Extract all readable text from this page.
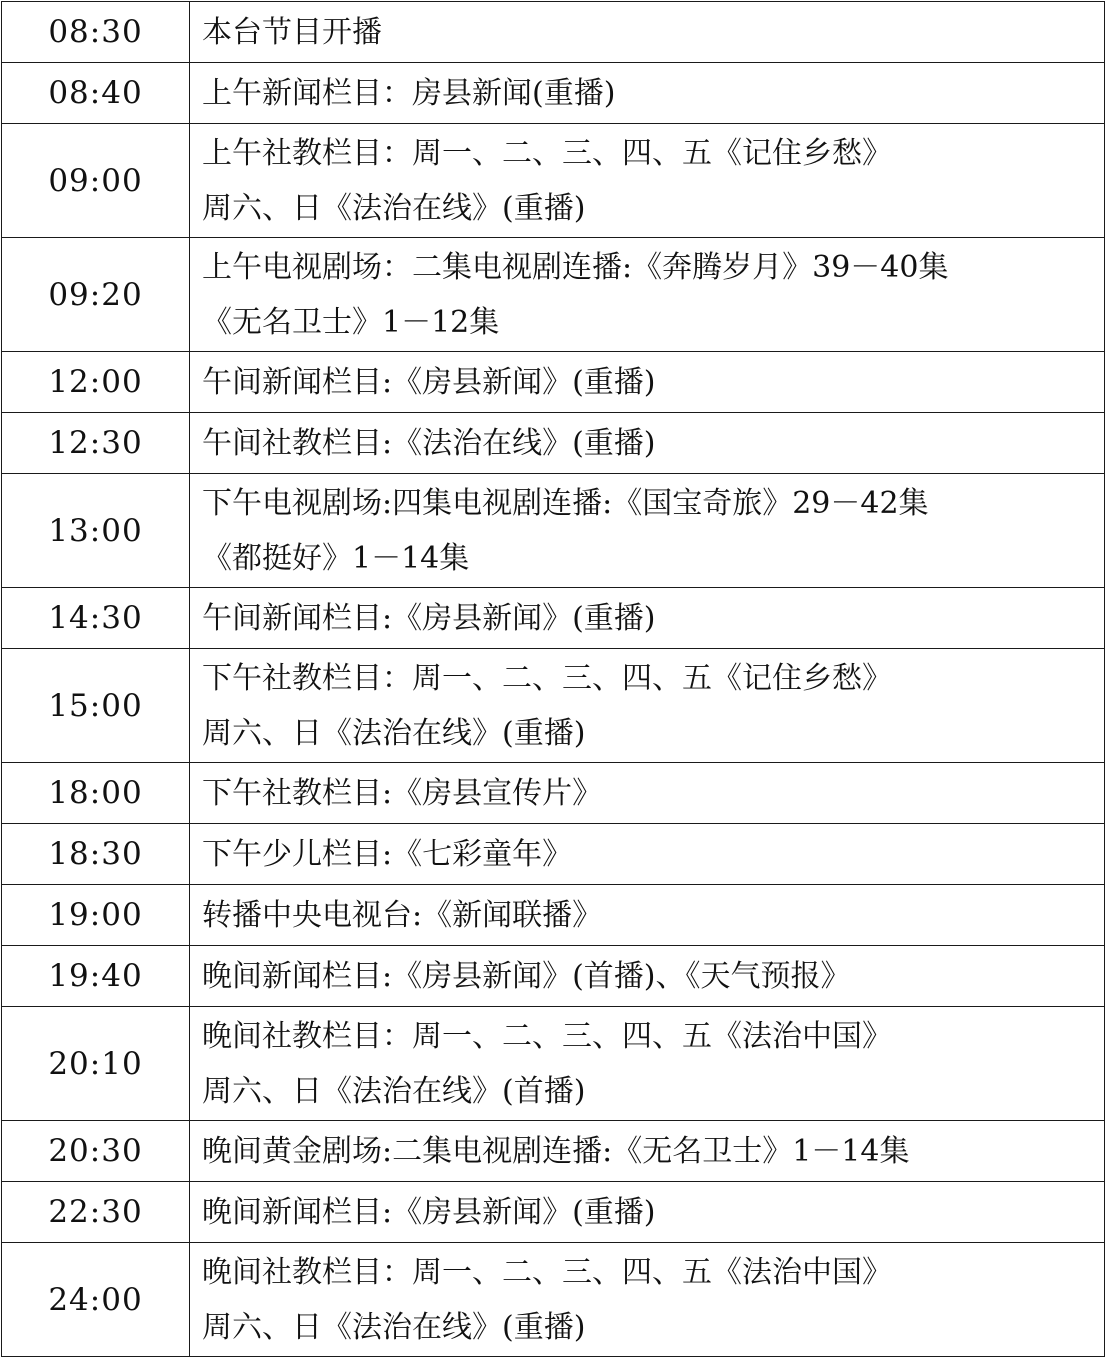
08:30	本台节目开播

08:40	上午新闻栏目：房县新闻(重播)

09:00	上午社教栏目：周一、二、三、四、五《记住乡愁》
周六、日《法治在线》(重播)

09:20	上午电视剧场：二集电视剧连播:《奔腾岁月》39－40集
《无名卫士》1－12集

12:00	午间新闻栏目:《房县新闻》(重播)

12:30	午间社教栏目:《法治在线》(重播)

13:00	下午电视剧场:四集电视剧连播:《国宝奇旅》29－42集
《都挺好》1－14集

14:30	午间新闻栏目:《房县新闻》(重播)

15:00	下午社教栏目：周一、二、三、四、五《记住乡愁》
周六、日《法治在线》(重播)

18:00	下午社教栏目:《房县宣传片》

18:30	下午少儿栏目:《七彩童年》

19:00	转播中央电视台:《新闻联播》

19:40	晚间新闻栏目:《房县新闻》(首播)、《天气预报》

20:10	晚间社教栏目：周一、二、三、四、五《法治中国》
周六、日《法治在线》(首播)

20:30	晚间黄金剧场:二集电视剧连播:《无名卫士》1－14集

22:30	晚间新闻栏目:《房县新闻》(重播)

24:00	晚间社教栏目：周一、二、三、四、五《法治中国》
周六、日《法治在线》(重播)
